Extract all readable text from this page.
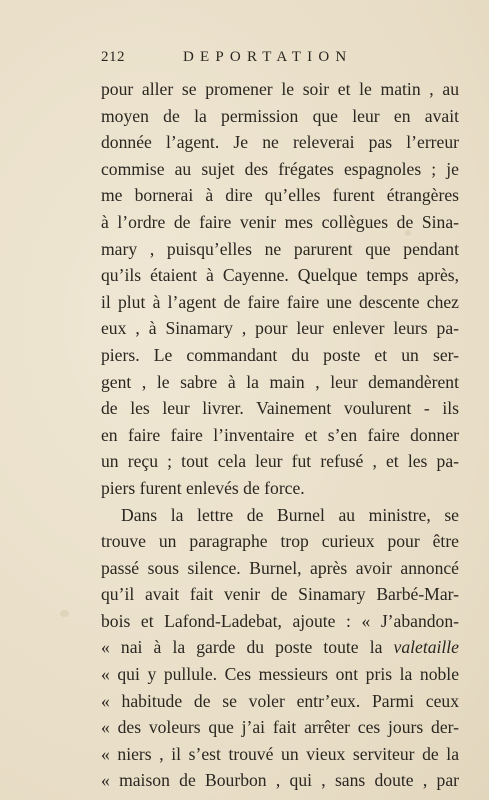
212	DEPORTATION
pour aller se promener le soir et le matin , au
moyen de la permission que leur en avait
donnée l’agent. Je ne releverai pas l’erreur
commise au sujet des frégates espagnoles ; je
me bornerai à dire qu’elles furent étrangères
à l’ordre de faire venir mes collègues de Sina-
mary , puisqu’elles ne parurent que pendant
qu’ils étaient à Cayenne. Quelque temps après,
il plut à l’agent de faire faire une descente chez
eux , à Sinamary , pour leur enlever leurs pa-
piers. Le commandant du poste et un ser-
gent , le sabre à la main , leur demandèrent
de les leur livrer. Vainement voulurent - ils
en faire faire l’inventaire et s’en faire donner
un reçu ; tout cela leur fut refusé , et les pa-
piers furent enlevés de force.
Dans la lettre de Burnel au ministre, se
trouve un paragraphe trop curieux pour être
passé sous silence. Burnel, après avoir annoncé
qu’il avait fait venir de Sinamary Barbé-Mar-
bois et Lafond-Ladebat, ajoute : « J’abandon-
« nai à la garde du poste toute la valetaille
« qui y pullule. Ces messieurs ont pris la noble
« habitude de se voler entr’eux. Parmi ceux
« des voleurs que j’ai fait arrêter ces jours der-
« niers , il s’est trouvé un vieux serviteur de la
« maison de Bourbon , qui , sans doute , par
